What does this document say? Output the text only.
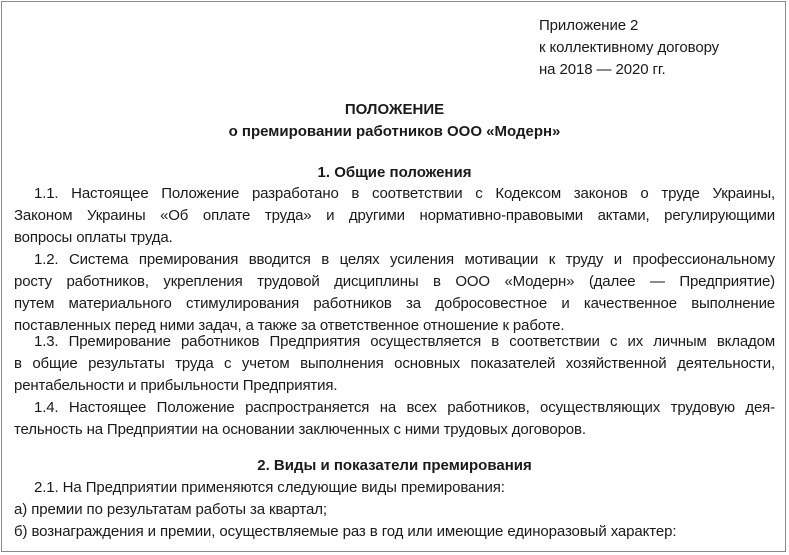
Приложение 2
к коллективному договору
на 2018 — 2020 гг.
ПОЛОЖЕНИЕ
о премировании работников ООО «Модерн»
1. Общие положения
1.1. Настоящее Положение разработано в соответствии с Кодексом законов о труде Украины,
Законом Украины «Об оплате труда» и другими нормативно-правовыми актами, регулирующими
вопросы оплаты труда.
1.2. Система премирования вводится в целях усиления мотивации к труду и профессиональному
росту работников, укрепления трудовой дисциплины в ООО «Модерн» (далее — Предприятие)
путем материального стимулирования работников за добросовестное и качественное выполнение
поставленных перед ними задач, а также за ответственное отношение к работе.
1.3. Премирование работников Предприятия осуществляется в соответствии с их личным вкладом
в общие результаты труда с учетом выполнения основных показателей хозяйственной деятельности,
рентабельности и прибыльности Предприятия.
1.4. Настоящее Положение распространяется на всех работников, осуществляющих трудовую дея-
тельность на Предприятии на основании заключенных с ними трудовых договоров.
2. Виды и показатели премирования
2.1. На Предприятии применяются следующие виды премирования:
а) премии по результатам работы за квартал;
б) вознаграждения и премии, осуществляемые раз в год или имеющие единоразовый характер:
